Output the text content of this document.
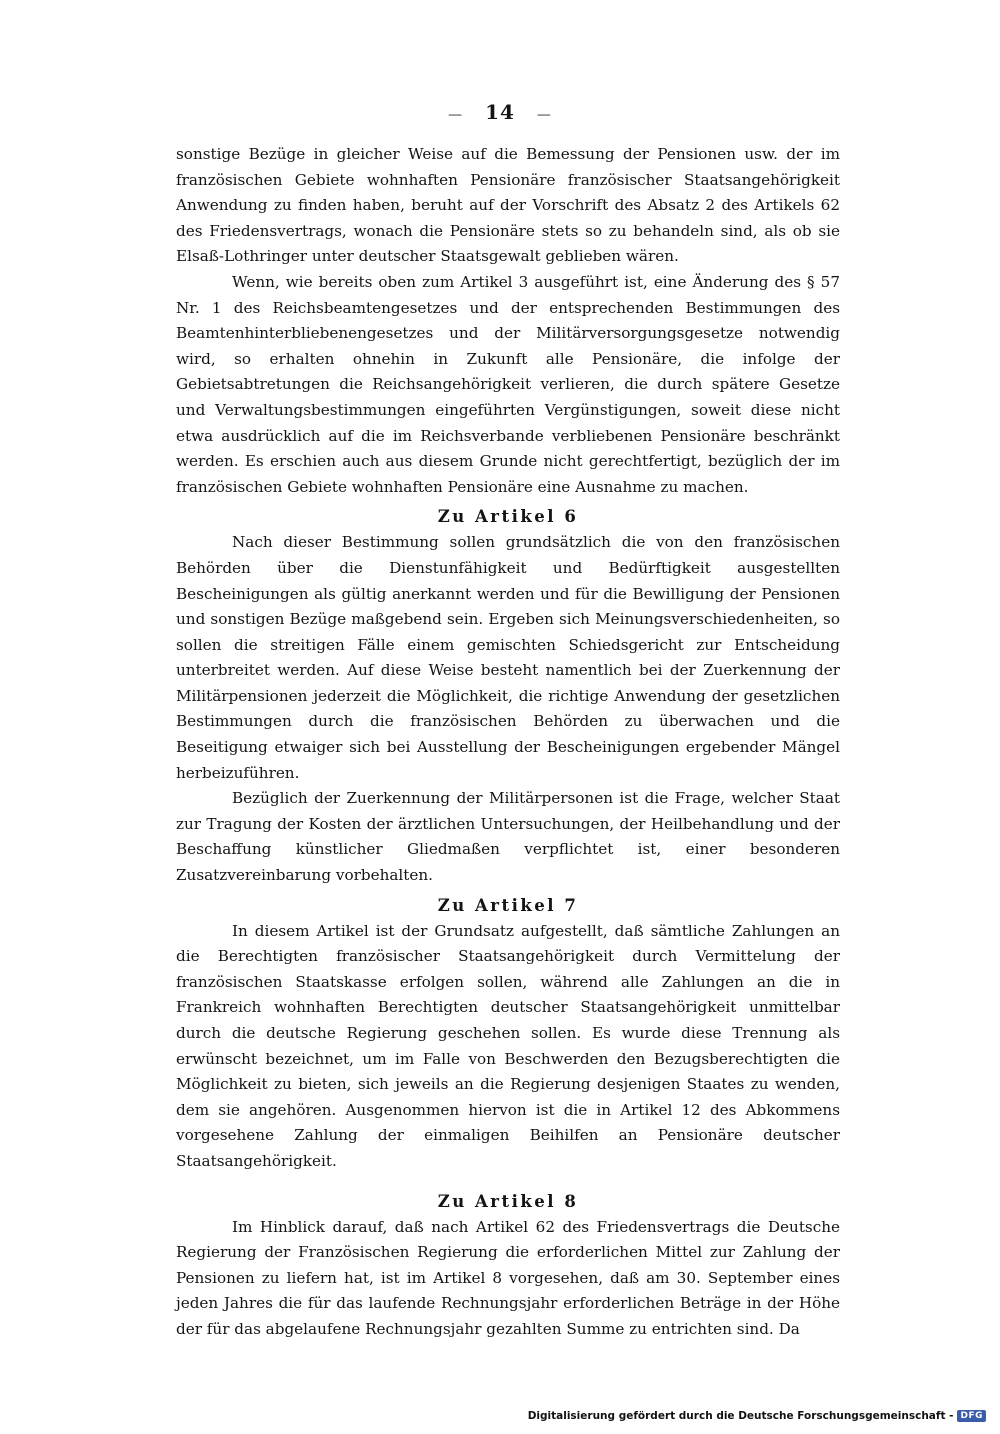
— 14 —

sonstige Bezüge in gleicher Weise auf die Bemessung der Pensionen usw. der im französischen Gebiete wohnhaften Pensionäre französischer Staatsangehörigkeit Anwendung zu finden haben, beruht auf der Vorschrift des Absatz 2 des Artikels 62 des Friedensvertrags, wonach die Pensionäre stets so zu behandeln sind, als ob sie Elsaß-Lothringer unter deutscher Staatsgewalt geblieben wären.

Wenn, wie bereits oben zum Artikel 3 ausgeführt ist, eine Änderung des § 57 Nr. 1 des Reichsbeamtengesetzes und der entsprechenden Bestimmungen des Beamtenhinterbliebenengesetzes und der Militärversorgungsgesetze notwendig wird, so erhalten ohnehin in Zukunft alle Pensionäre, die infolge der Gebietsabtretungen die Reichsangehörigkeit verlieren, die durch spätere Gesetze und Verwaltungsbestimmungen eingeführten Vergünstigungen, soweit diese nicht etwa ausdrücklich auf die im Reichsverbande verbliebenen Pensionäre beschränkt werden. Es erschien auch aus diesem Grunde nicht gerechtfertigt, bezüglich der im französischen Gebiete wohnhaften Pensionäre eine Ausnahme zu machen.

Zu Artikel 6

Nach dieser Bestimmung sollen grundsätzlich die von den französischen Behörden über die Dienstunfähigkeit und Bedürftigkeit ausgestellten Bescheinigungen als gültig anerkannt werden und für die Bewilligung der Pensionen und sonstigen Bezüge maßgebend sein. Ergeben sich Meinungsverschiedenheiten, so sollen die streitigen Fälle einem gemischten Schiedsgericht zur Entscheidung unterbreitet werden. Auf diese Weise besteht namentlich bei der Zuerkennung der Militärpensionen jederzeit die Möglichkeit, die richtige Anwendung der gesetzlichen Bestimmungen durch die französischen Behörden zu überwachen und die Beseitigung etwaiger sich bei Ausstellung der Bescheinigungen ergebender Mängel herbeizuführen.

Bezüglich der Zuerkennung der Militärpersonen ist die Frage, welcher Staat zur Tragung der Kosten der ärztlichen Untersuchungen, der Heilbehandlung und der Beschaffung künstlicher Gliedmaßen verpflichtet ist, einer besonderen Zusatzvereinbarung vorbehalten.

Zu Artikel 7

In diesem Artikel ist der Grundsatz aufgestellt, daß sämtliche Zahlungen an die Berechtigten französischer Staatsangehörigkeit durch Vermittelung der französischen Staatskasse erfolgen sollen, während alle Zahlungen an die in Frankreich wohnhaften Berechtigten deutscher Staatsangehörigkeit unmittelbar durch die deutsche Regierung geschehen sollen. Es wurde diese Trennung als erwünscht bezeichnet, um im Falle von Beschwerden den Bezugsberechtigten die Möglichkeit zu bieten, sich jeweils an die Regierung desjenigen Staates zu wenden, dem sie angehören. Ausgenommen hiervon ist die in Artikel 12 des Abkommens vorgesehene Zahlung der einmaligen Beihilfen an Pensionäre deutscher Staatsangehörigkeit.

Zu Artikel 8

Im Hinblick darauf, daß nach Artikel 62 des Friedensvertrags die Deutsche Regierung der Französischen Regierung die erforderlichen Mittel zur Zahlung der Pensionen zu liefern hat, ist im Artikel 8 vorgesehen, daß am 30. September eines jeden Jahres die für das laufende Rechnungsjahr erforderlichen Beträge in der Höhe der für das abgelaufene Rechnungsjahr gezahlten Summe zu entrichten sind. Da

Digitalisierung gefördert durch die Deutsche Forschungsgemeinschaft - DFG
